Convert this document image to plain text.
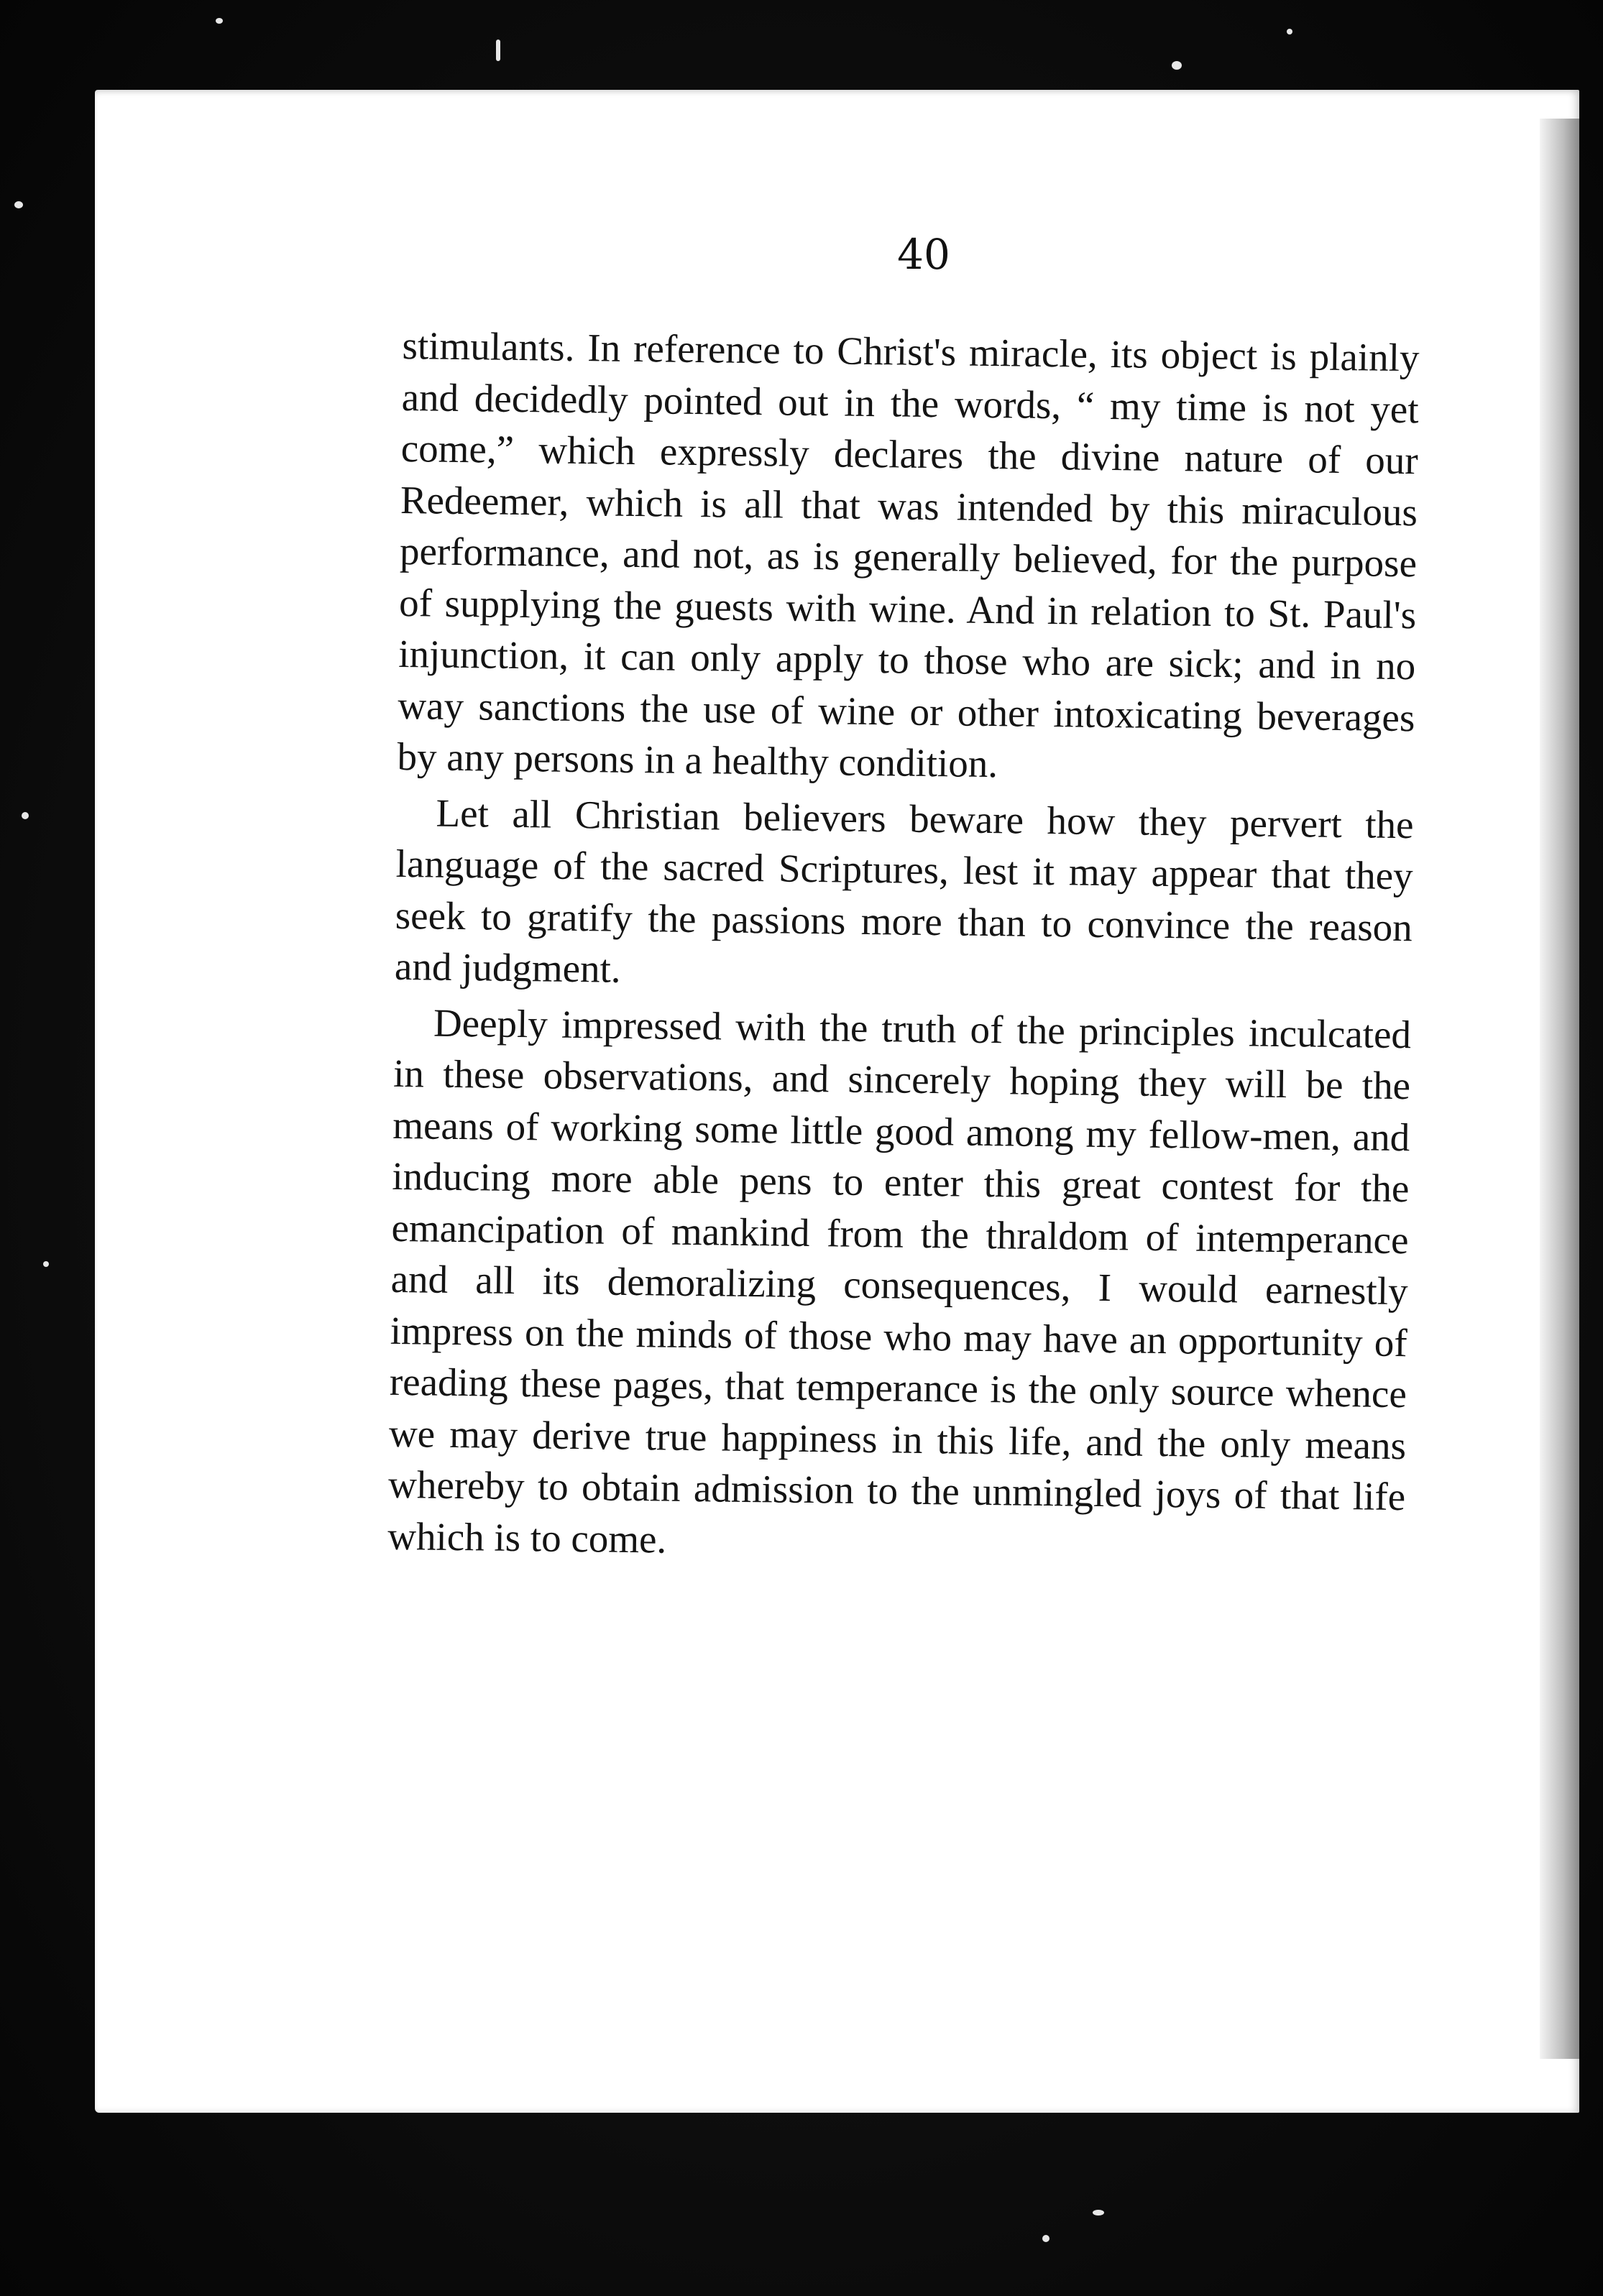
40

stimulants. In reference to Christ's miracle, its object is plainly and decidedly pointed out in the words, “ my time is not yet come,” which expressly declares the divine nature of our Redeemer, which is all that was intended by this miraculous performance, and not, as is generally believed, for the purpose of supplying the guests with wine. And in relation to St. Paul's injunction, it can only apply to those who are sick; and in no way sanctions the use of wine or other intoxicating beverages by any persons in a healthy condition.

Let all Christian believers beware how they pervert the language of the sacred Scriptures, lest it may appear that they seek to gratify the passions more than to convince the reason and judgment.

Deeply impressed with the truth of the principles inculcated in these observations, and sincerely hoping they will be the means of working some little good among my fellow-men, and inducing more able pens to enter this great contest for the emancipation of mankind from the thraldom of intemperance and all its demoralizing consequences, I would earnestly impress on the minds of those who may have an opportunity of reading these pages, that temperance is the only source whence we may derive true happiness in this life, and the only means whereby to obtain admission to the unmingled joys of that life which is to come.
